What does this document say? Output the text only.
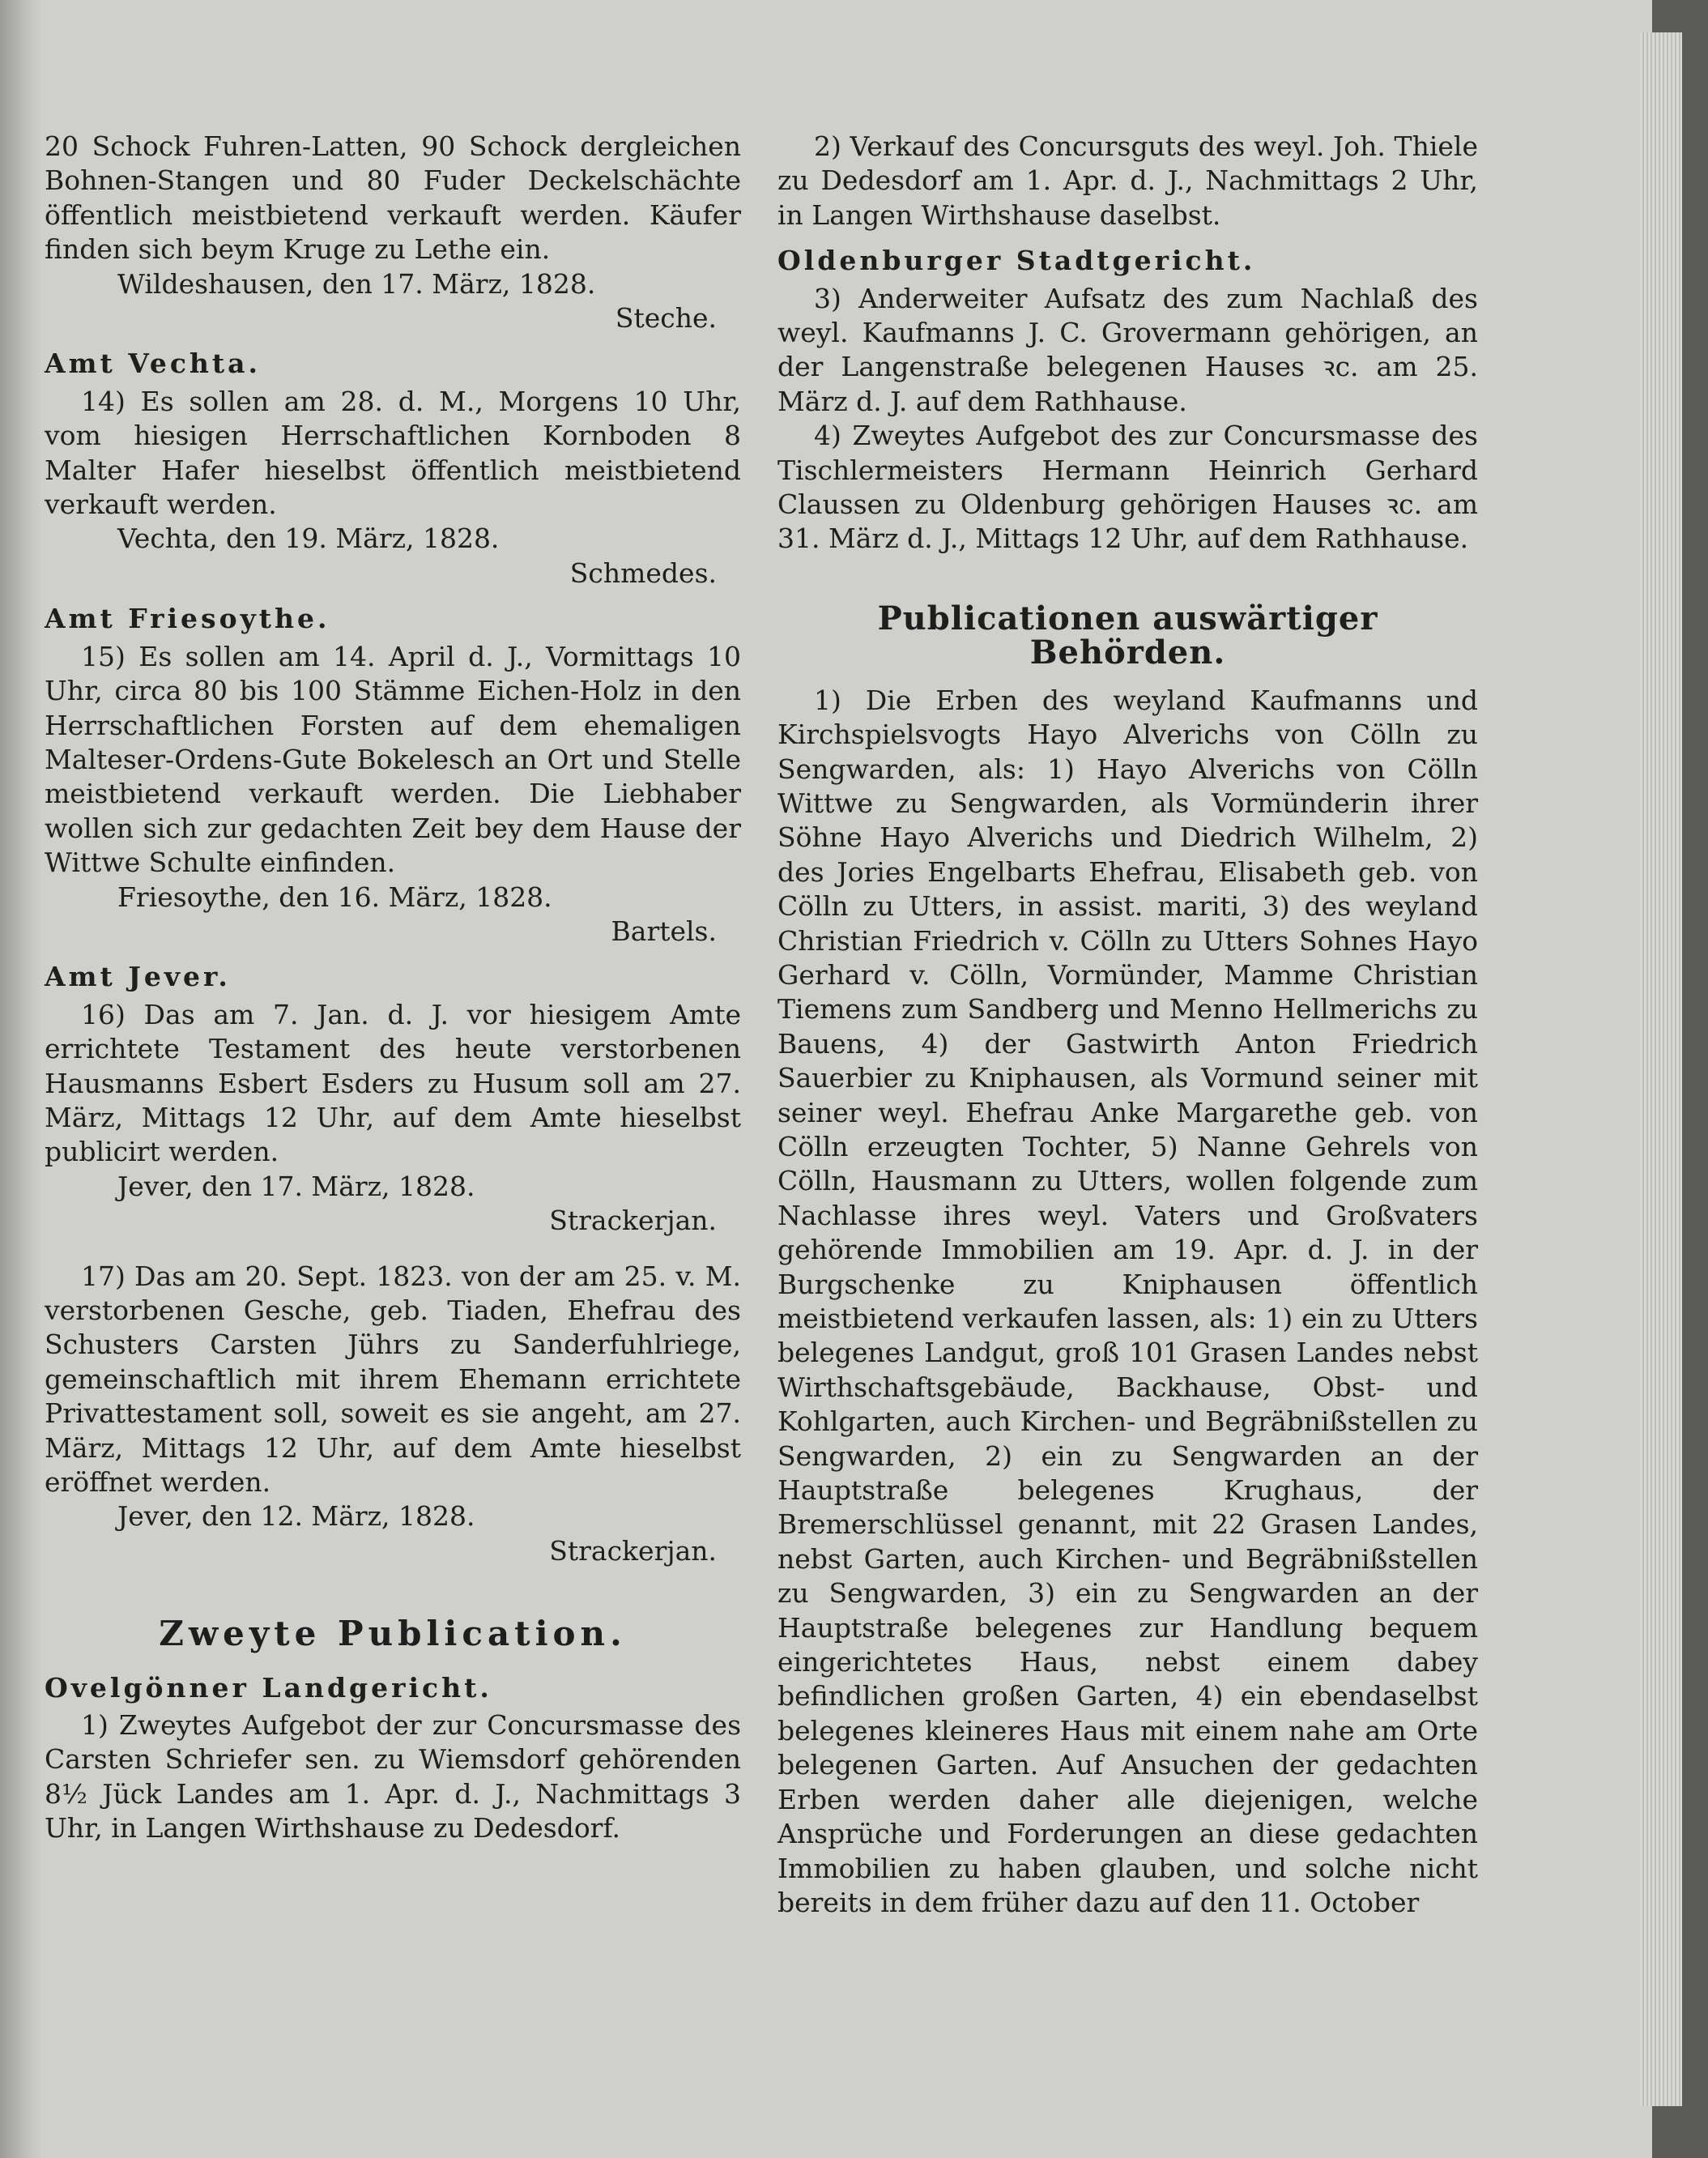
20 Schock Fuhren-Latten, 90 Schock dergleichen Bohnen-Stangen und 80 Fuder Deckelschächte öffentlich meistbietend verkauft werden. Käufer finden sich beym Kruge zu Lethe ein.

Wildeshausen, den 17. März, 1828.

Steche.

Amt Vechta.

14) Es sollen am 28. d. M., Morgens 10 Uhr, vom hiesigen Herrschaftlichen Kornboden 8 Malter Hafer hieselbst öffentlich meistbietend verkauft werden.

Vechta, den 19. März, 1828.

Schmedes.

Amt Friesoythe.

15) Es sollen am 14. April d. J., Vormittags 10 Uhr, circa 80 bis 100 Stämme Eichen-Holz in den Herrschaftlichen Forsten auf dem ehemaligen Malteser-Ordens-Gute Bokelesch an Ort und Stelle meistbietend verkauft werden. Die Liebhaber wollen sich zur gedachten Zeit bey dem Hause der Wittwe Schulte einfinden.

Friesoythe, den 16. März, 1828.

Bartels.

Amt Jever.

16) Das am 7. Jan. d. J. vor hiesigem Amte errichtete Testament des heute verstorbenen Hausmanns Esbert Esders zu Husum soll am 27. März, Mittags 12 Uhr, auf dem Amte hieselbst publicirt werden.

Jever, den 17. März, 1828.

Strackerjan.

17) Das am 20. Sept. 1823. von der am 25. v. M. verstorbenen Gesche, geb. Tiaden, Ehefrau des Schusters Carsten Jührs zu Sanderfuhlriege, gemeinschaftlich mit ihrem Ehemann errichtete Privattestament soll, soweit es sie angeht, am 27. März, Mittags 12 Uhr, auf dem Amte hieselbst eröffnet werden.

Jever, den 12. März, 1828.

Strackerjan.

Zweyte Publication.
Ovelgönner Landgericht.

1) Zweytes Aufgebot der zur Concursmasse des Carsten Schriefer sen. zu Wiemsdorf gehörenden 8½ Jück Landes am 1. Apr. d. J., Nachmittags 3 Uhr, in Langen Wirthshause zu Dedesdorf.

2) Verkauf des Concursguts des weyl. Joh. Thiele zu Dedesdorf am 1. Apr. d. J., Nachmittags 2 Uhr, in Langen Wirthshause daselbst.

Oldenburger Stadtgericht.

3) Anderweiter Aufsatz des zum Nachlaß des weyl. Kaufmanns J. C. Grovermann gehörigen, an der Langenstraße belegenen Hauses ꝛc. am 25. März d. J. auf dem Rathhause.

4) Zweytes Aufgebot des zur Concursmasse des Tischlermeisters Hermann Heinrich Gerhard Claussen zu Oldenburg gehörigen Hauses ꝛc. am 31. März d. J., Mittags 12 Uhr, auf dem Rathhause.

Publicationen auswärtiger Behörden.

1) Die Erben des weyland Kaufmanns und Kirchspielsvogts Hayo Alverichs von Cölln zu Sengwarden, als: 1) Hayo Alverichs von Cölln Wittwe zu Sengwarden, als Vormünderin ihrer Söhne Hayo Alverichs und Diedrich Wilhelm, 2) des Jories Engelbarts Ehefrau, Elisabeth geb. von Cölln zu Utters, in assist. mariti, 3) des weyland Christian Friedrich v. Cölln zu Utters Sohnes Hayo Gerhard v. Cölln, Vormünder, Mamme Christian Tiemens zum Sandberg und Menno Hellmerichs zu Bauens, 4) der Gastwirth Anton Friedrich Sauerbier zu Kniphausen, als Vormund seiner mit seiner weyl. Ehefrau Anke Margarethe geb. von Cölln erzeugten Tochter, 5) Nanne Gehrels von Cölln, Hausmann zu Utters, wollen folgende zum Nachlasse ihres weyl. Vaters und Großvaters gehörende Immobilien am 19. Apr. d. J. in der Burgschenke zu Kniphausen öffentlich meistbietend verkaufen lassen, als: 1) ein zu Utters belegenes Landgut, groß 101 Grasen Landes nebst Wirthschaftsgebäude, Backhause, Obst- und Kohlgarten, auch Kirchen- und Begräbnißstellen zu Sengwarden, 2) ein zu Sengwarden an der Hauptstraße belegenes Krughaus, der Bremerschlüssel genannt, mit 22 Grasen Landes, nebst Garten, auch Kirchen- und Begräbnißstellen zu Sengwarden, 3) ein zu Sengwarden an der Hauptstraße belegenes zur Handlung bequem eingerichtetes Haus, nebst einem dabey befindlichen großen Garten, 4) ein ebendaselbst belegenes kleineres Haus mit einem nahe am Orte belegenen Garten. Auf Ansuchen der gedachten Erben werden daher alle diejenigen, welche Ansprüche und Forderungen an diese gedachten Immobilien zu haben glauben, und solche nicht bereits in dem früher dazu auf den 11. October
